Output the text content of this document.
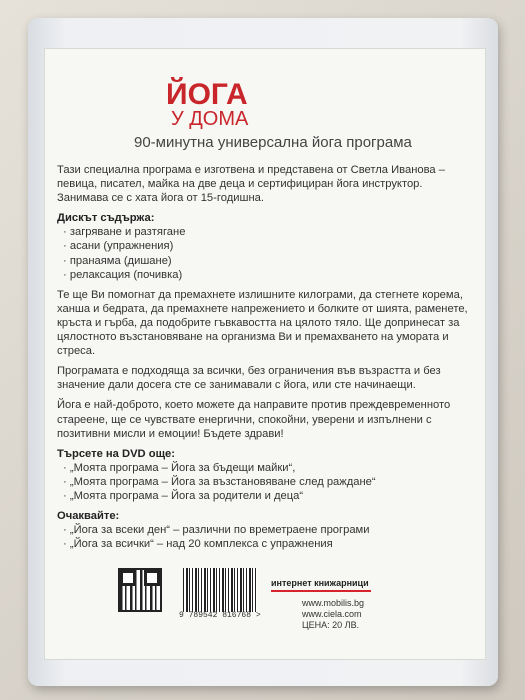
ЙОГА
У ДОМА
90-минутна универсална йога програма

Тази специална програма е изготвена и представена от Светла Иванова – певица, писател, майка на две деца и сертифициран йога инструктор. Занимава се с хата йога от 15-годишна.

Дискът съдържа:

· загряване и разтягане
· асани (упражнения)
· пранаяма (дишане)
· релаксация (почивка)

Те ще Ви помогнат да премахнете излишните килограми, да стегнете корема, ханша и бедрата, да премахнете напрежението и болките от шията, раменете, кръста и гърба, да подобрите гъвкавостта на цялото тяло. Ще допринесат за цялостното възстановяване на организма Ви и премахването на умората и стреса.

Програмата е подходяща за всички, без ограничения във възрастта и без значение дали досега сте се занимавали с йога, или сте начинаещи.

Йога е най-доброто, което можете да направите против преждевременното стареене, ще се чувствате енергични, спокойни, уверени и изпълнени с позитивни мисли и емоции! Бъдете здрави!

Търсете на DVD още:

· „Моята програма – Йога за бъдещи майки“,
· „Моята програма – Йога за възстановяване след раждане“
· „Моята програма – Йога за родители и деца“

Очаквайте:

· „Йога за всеки ден“ – различни по времетраене програми
· „Йога за всички“ – над 20 комплекса с упражнения
9 789542 816768 >
интернет книжарници
www.mobilis.bg
www.ciela.com
ЦЕНА: 20 ЛВ.
